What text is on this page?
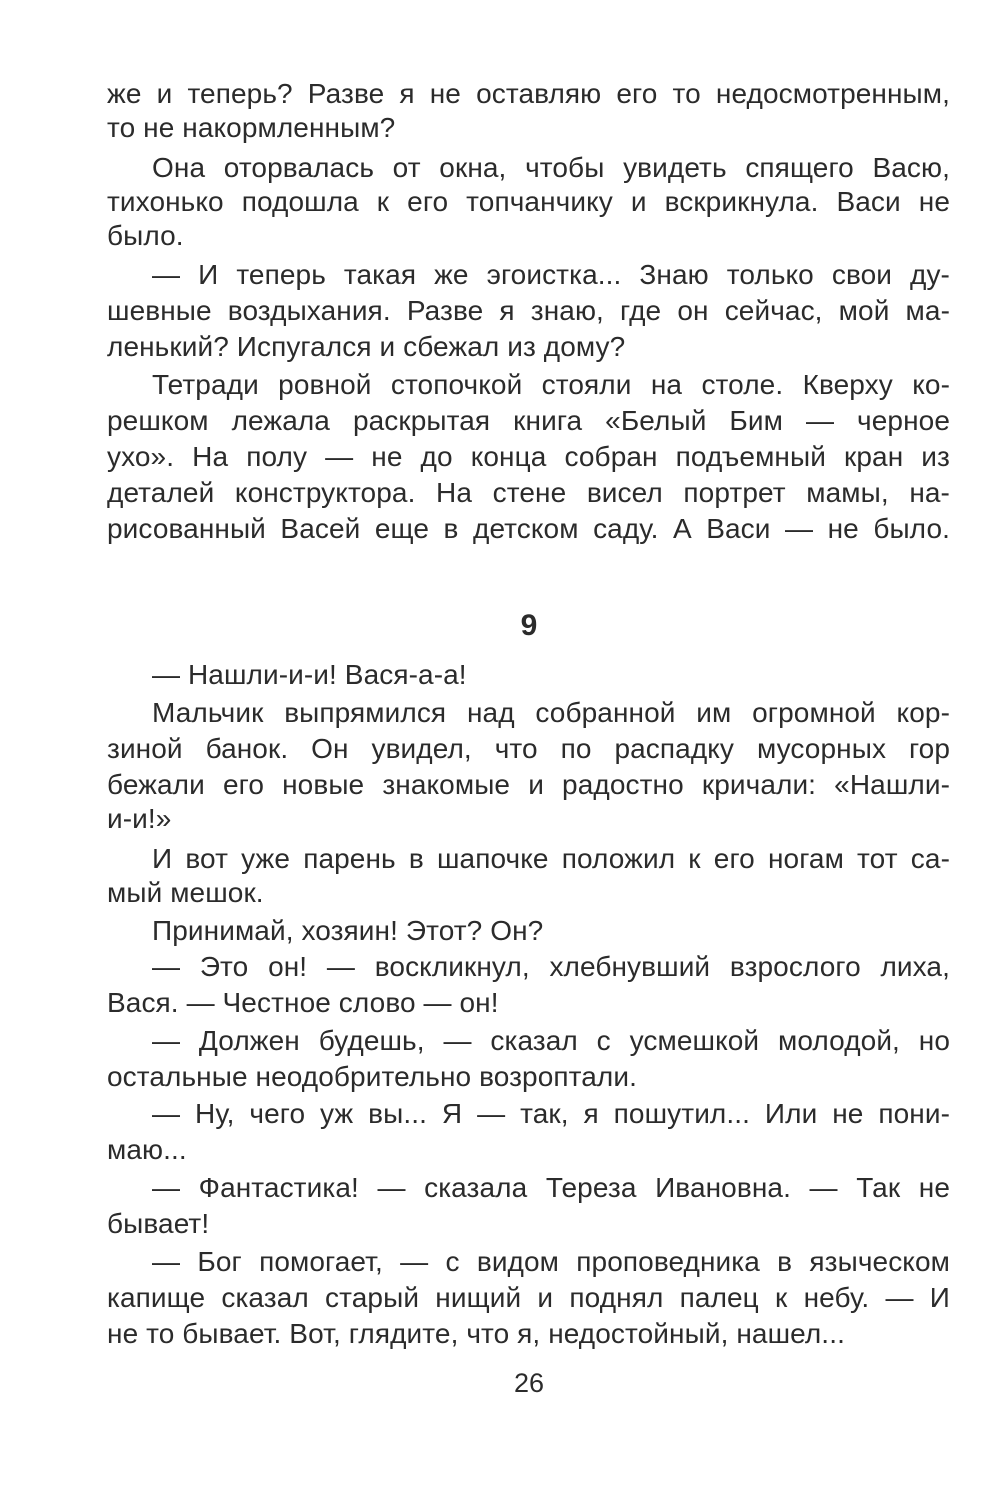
же и теперь? Разве я не оставляю его то недосмотренным,
то не накормленным?
Она оторвалась от окна, чтобы увидеть спящего Васю,
тихонько подошла к его топчанчику и вскрикнула. Васи не
было.
— И теперь такая же эгоистка... Знаю только свои ду-
шевные воздыхания. Разве я знаю, где он сейчас, мой ма-
ленький? Испугался и сбежал из дому?
Тетради ровной стопочкой стояли на столе. Кверху ко-
решком лежала раскрытая книга «Белый Бим — черное
ухо». На полу — не до конца собран подъемный кран из
деталей конструктора. На стене висел портрет мамы, на-
рисованный Васей еще в детском саду. А Васи — не было.
9
— Нашли-и-и! Вася-а-а!
Мальчик выпрямился над собранной им огромной кор-
зиной банок. Он увидел, что по распадку мусорных гор
бежали его новые знакомые и радостно кричали: «Нашли-
и-и!»
И вот уже парень в шапочке положил к его ногам тот са-
мый мешок.
Принимай, хозяин! Этот? Он?
— Это он! — воскликнул, хлебнувший взрослого лиха,
Вася. — Честное слово — он!
— Должен будешь, — сказал с усмешкой молодой, но
остальные неодобрительно возроптали.
— Ну, чего уж вы... Я — так, я пошутил... Или не пони-
маю...
— Фантастика! — сказала Тереза Ивановна. — Так не
бывает!
— Бог помогает, — с видом проповедника в языческом
капище сказал старый нищий и поднял палец к небу. — И
не то бывает. Вот, глядите, что я, недостойный, нашел...
26
